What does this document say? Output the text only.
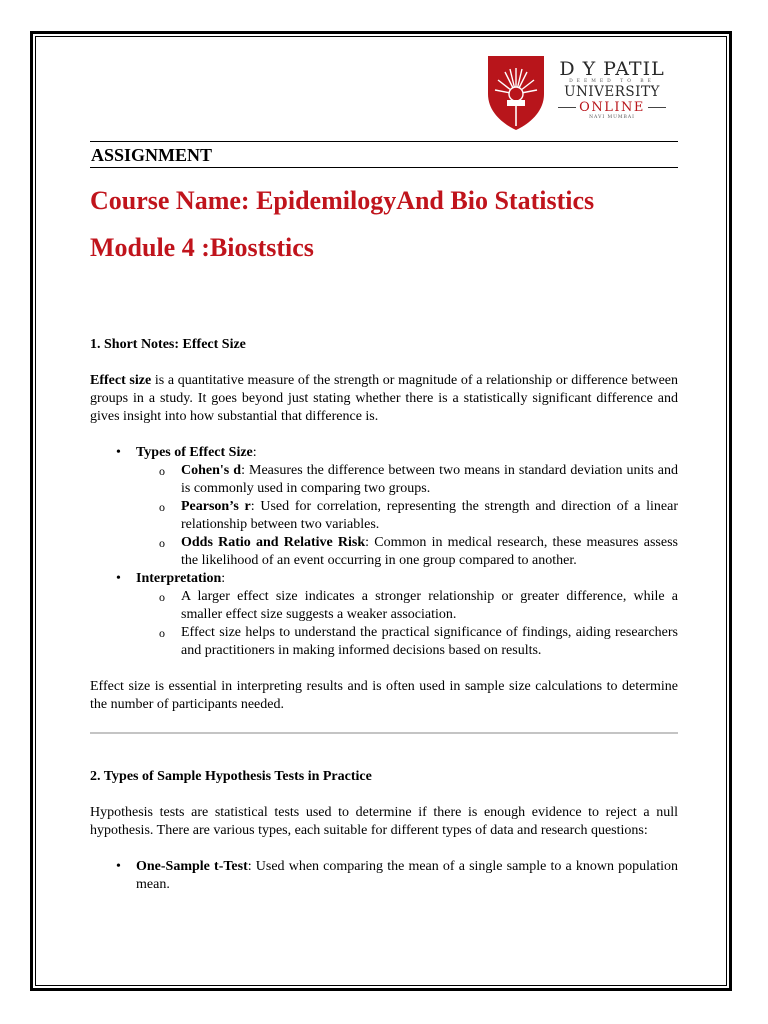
D Y PATIL
DEEMED TO BE
UNIVERSITY
ONLINE
NAVI MUMBAI
ASSIGNMENT
Course Name: EpidemilogyAnd Bio Statistics
Module 4 :Bioststics

1. Short Notes: Effect Size

Effect size is a quantitative measure of the strength or magnitude of a relationship or difference between groups in a study. It goes beyond just stating whether there is a statistically significant difference and gives insight into how substantial that difference is.

• Types of Effect Size:
o Cohen's d: Measures the difference between two means in standard deviation units and is commonly used in comparing two groups.
o Pearson’s r: Used for correlation, representing the strength and direction of a linear relationship between two variables.
o Odds Ratio and Relative Risk: Common in medical research, these measures assess the likelihood of an event occurring in one group compared to another.
• Interpretation:
o A larger effect size indicates a stronger relationship or greater difference, while a smaller effect size suggests a weaker association.
o Effect size helps to understand the practical significance of findings, aiding researchers and practitioners in making informed decisions based on results.

Effect size is essential in interpreting results and is often used in sample size calculations to determine the number of participants needed.

2. Types of Sample Hypothesis Tests in Practice

Hypothesis tests are statistical tests used to determine if there is enough evidence to reject a null hypothesis. There are various types, each suitable for different types of data and research questions:

• One-Sample t-Test: Used when comparing the mean of a single sample to a known population mean.
